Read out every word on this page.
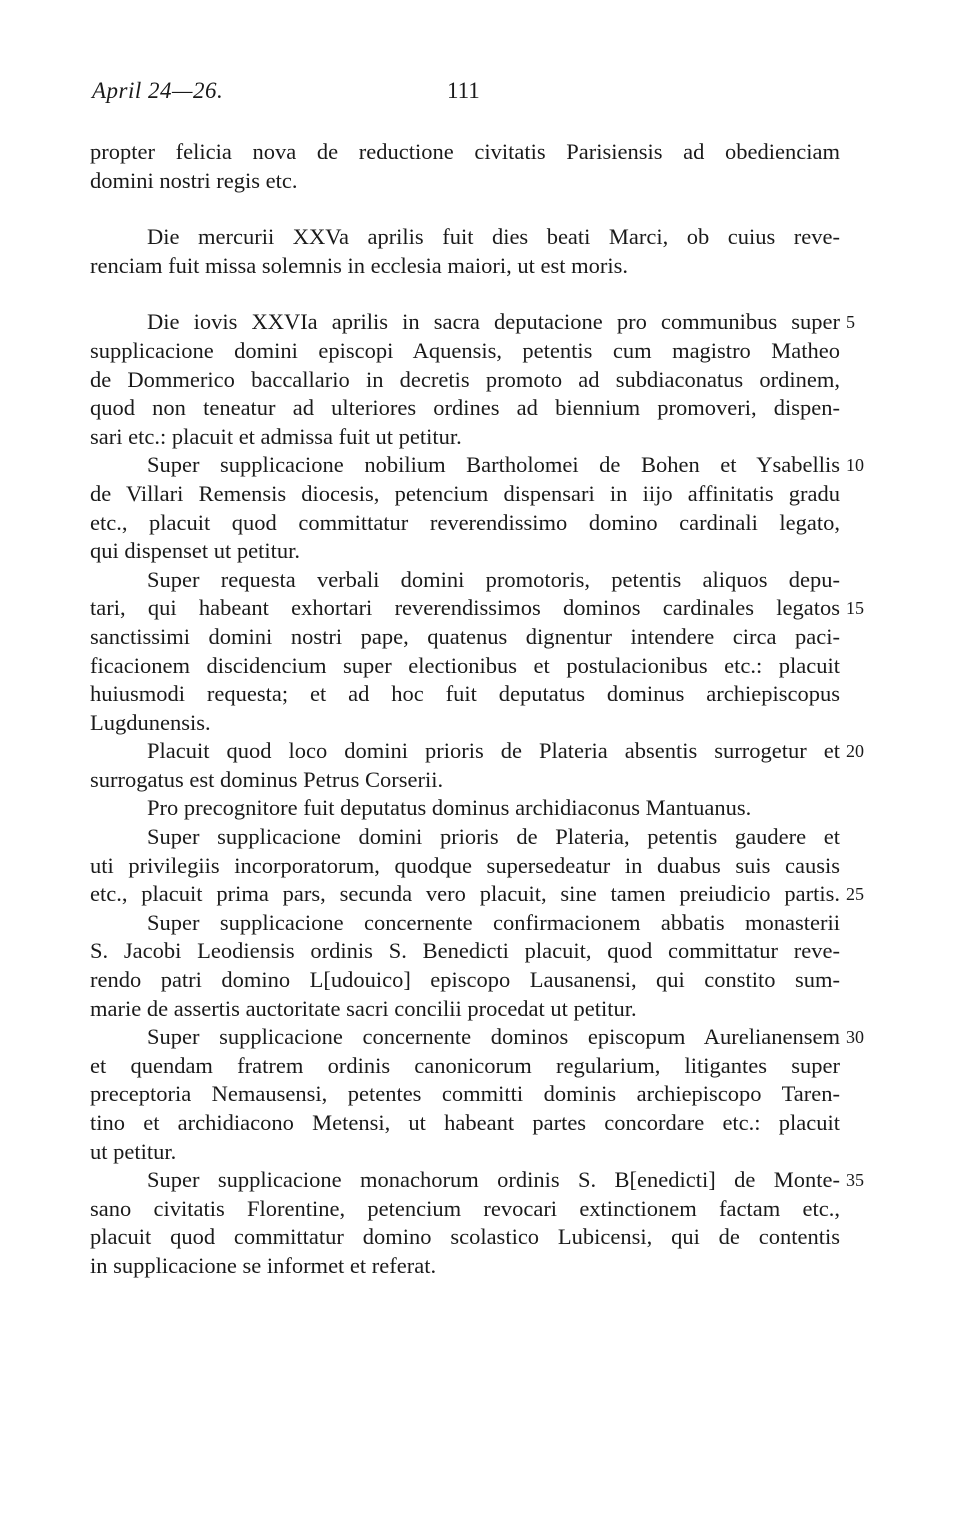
April 24—26.	111
propter felicia nova de reductione civitatis Parisiensis ad obedienciam
domini nostri regis etc.
Die mercurii XXVa aprilis fuit dies beati Marci, ob cuius reve-
renciam fuit missa solemnis in ecclesia maiori, ut est moris.
Die iovis XXVIa aprilis in sacra deputacione pro communibus super 5
supplicacione domini episcopi Aquensis, petentis cum magistro Matheo
de Dommerico baccallario in decretis promoto ad subdiaconatus ordinem,
quod non teneatur ad ulteriores ordines ad biennium promoveri, dispen-
sari etc.: placuit et admissa fuit ut petitur.
Super supplicacione nobilium Bartholomei de Bohen et Ysabellis 10
de Villari Remensis diocesis, petencium dispensari in iijo affinitatis gradu
etc., placuit quod committatur reverendissimo domino cardinali legato,
qui dispenset ut petitur.
Super requesta verbali domini promotoris, petentis aliquos depu-
tari, qui habeant exhortari reverendissimos dominos cardinales legatos 15
sanctissimi domini nostri pape, quatenus dignentur intendere circa paci-
ficacionem discidencium super electionibus et postulacionibus etc.: placuit
huiusmodi requesta; et ad hoc fuit deputatus dominus archiepiscopus
Lugdunensis.
Placuit quod loco domini prioris de Plateria absentis surrogetur et 20
surrogatus est dominus Petrus Corserii.
Pro precognitore fuit deputatus dominus archidiaconus Mantuanus.
Super supplicacione domini prioris de Plateria, petentis gaudere et
uti privilegiis incorporatorum, quodque supersedeatur in duabus suis causis
etc., placuit prima pars, secunda vero placuit, sine tamen preiudicio partis. 25
Super supplicacione concernente confirmacionem abbatis monasterii
S. Jacobi Leodiensis ordinis S. Benedicti placuit, quod committatur reve-
rendo patri domino L[udouico] episcopo Lausanensi, qui constito sum-
marie de assertis auctoritate sacri concilii procedat ut petitur.
Super supplicacione concernente dominos episcopum Aurelianensem 30
et quendam fratrem ordinis canonicorum regularium, litigantes super
preceptoria Nemausensi, petentes committi dominis archiepiscopo Taren-
tino et archidiacono Metensi, ut habeant partes concordare etc.: placuit
ut petitur.
Super supplicacione monachorum ordinis S. B[enedicti] de Monte- 35
sano civitatis Florentine, petencium revocari extinctionem factam etc.,
placuit quod committatur domino scolastico Lubicensi, qui de contentis
in supplicacione se informet et referat.
